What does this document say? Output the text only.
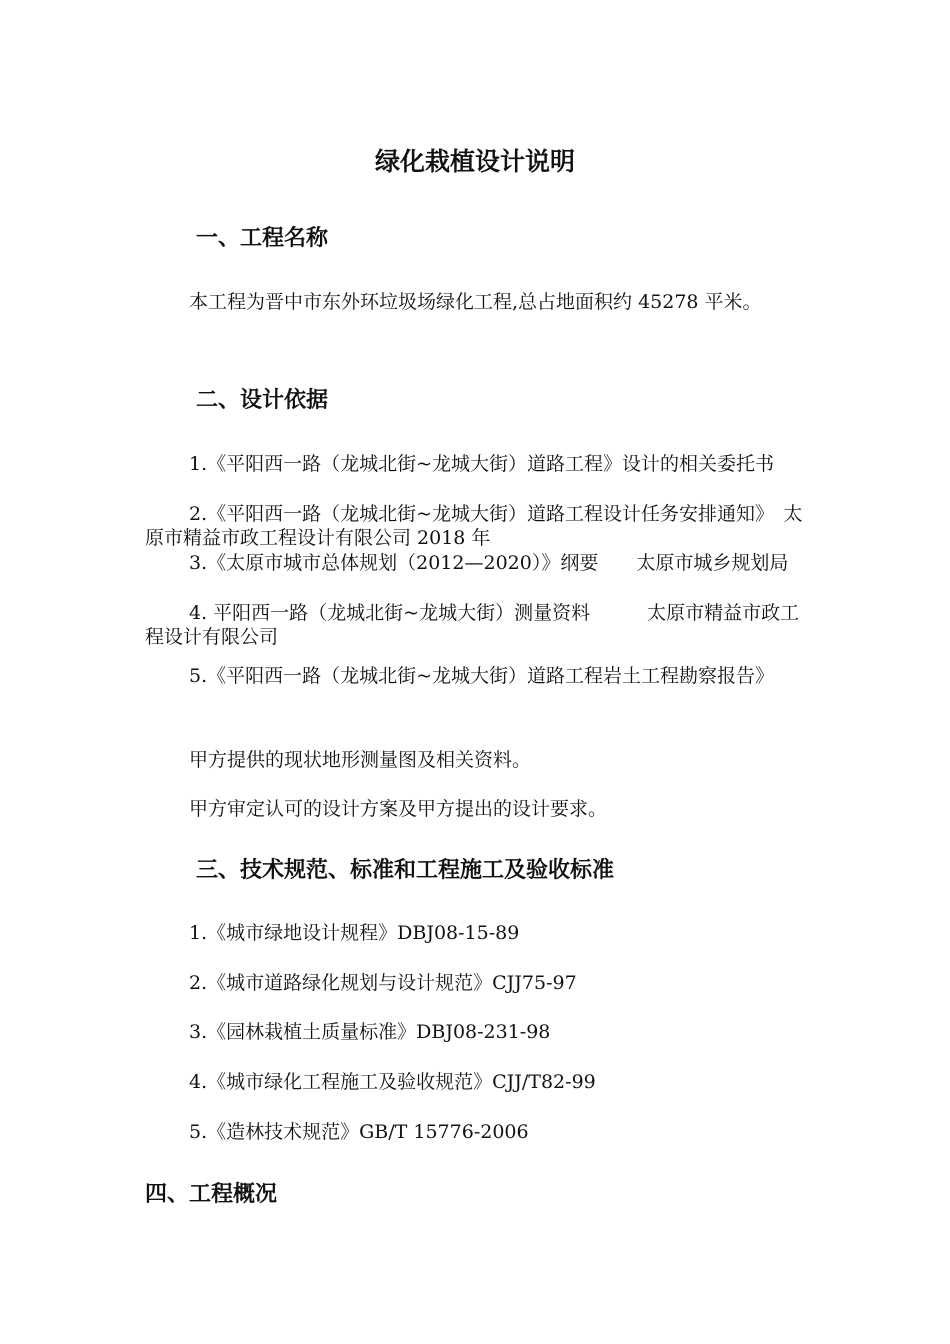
绿化栽植设计说明
一、工程名称
本工程为晋中市东外环垃圾场绿化工程,总占地面积约 45278 平米。
二、设计依据
1.《平阳西一路（龙城北街~龙城大街）道路工程》设计的相关委托书
2.《平阳西一路（龙城北街~龙城大街）道路工程设计任务安排通知》　太原市精益市政工程设计有限公司 2018 年
3.《太原市城市总体规划（2012—2020）》纲要　　太原市城乡规划局
4. 平阳西一路（龙城北街~龙城大街）测量资料　　　太原市精益市政工程设计有限公司
5.《平阳西一路（龙城北街~龙城大街）道路工程岩土工程勘察报告》
甲方提供的现状地形测量图及相关资料。
甲方审定认可的设计方案及甲方提出的设计要求。
三、技术规范、标准和工程施工及验收标准
1.《城市绿地设计规程》DBJ08-15-89
2.《城市道路绿化规划与设计规范》CJJ75-97
3.《园林栽植土质量标准》DBJ08-231-98
4.《城市绿化工程施工及验收规范》CJJ/T82-99
5.《造林技术规范》GB/T 15776-2006
四、工程概况
